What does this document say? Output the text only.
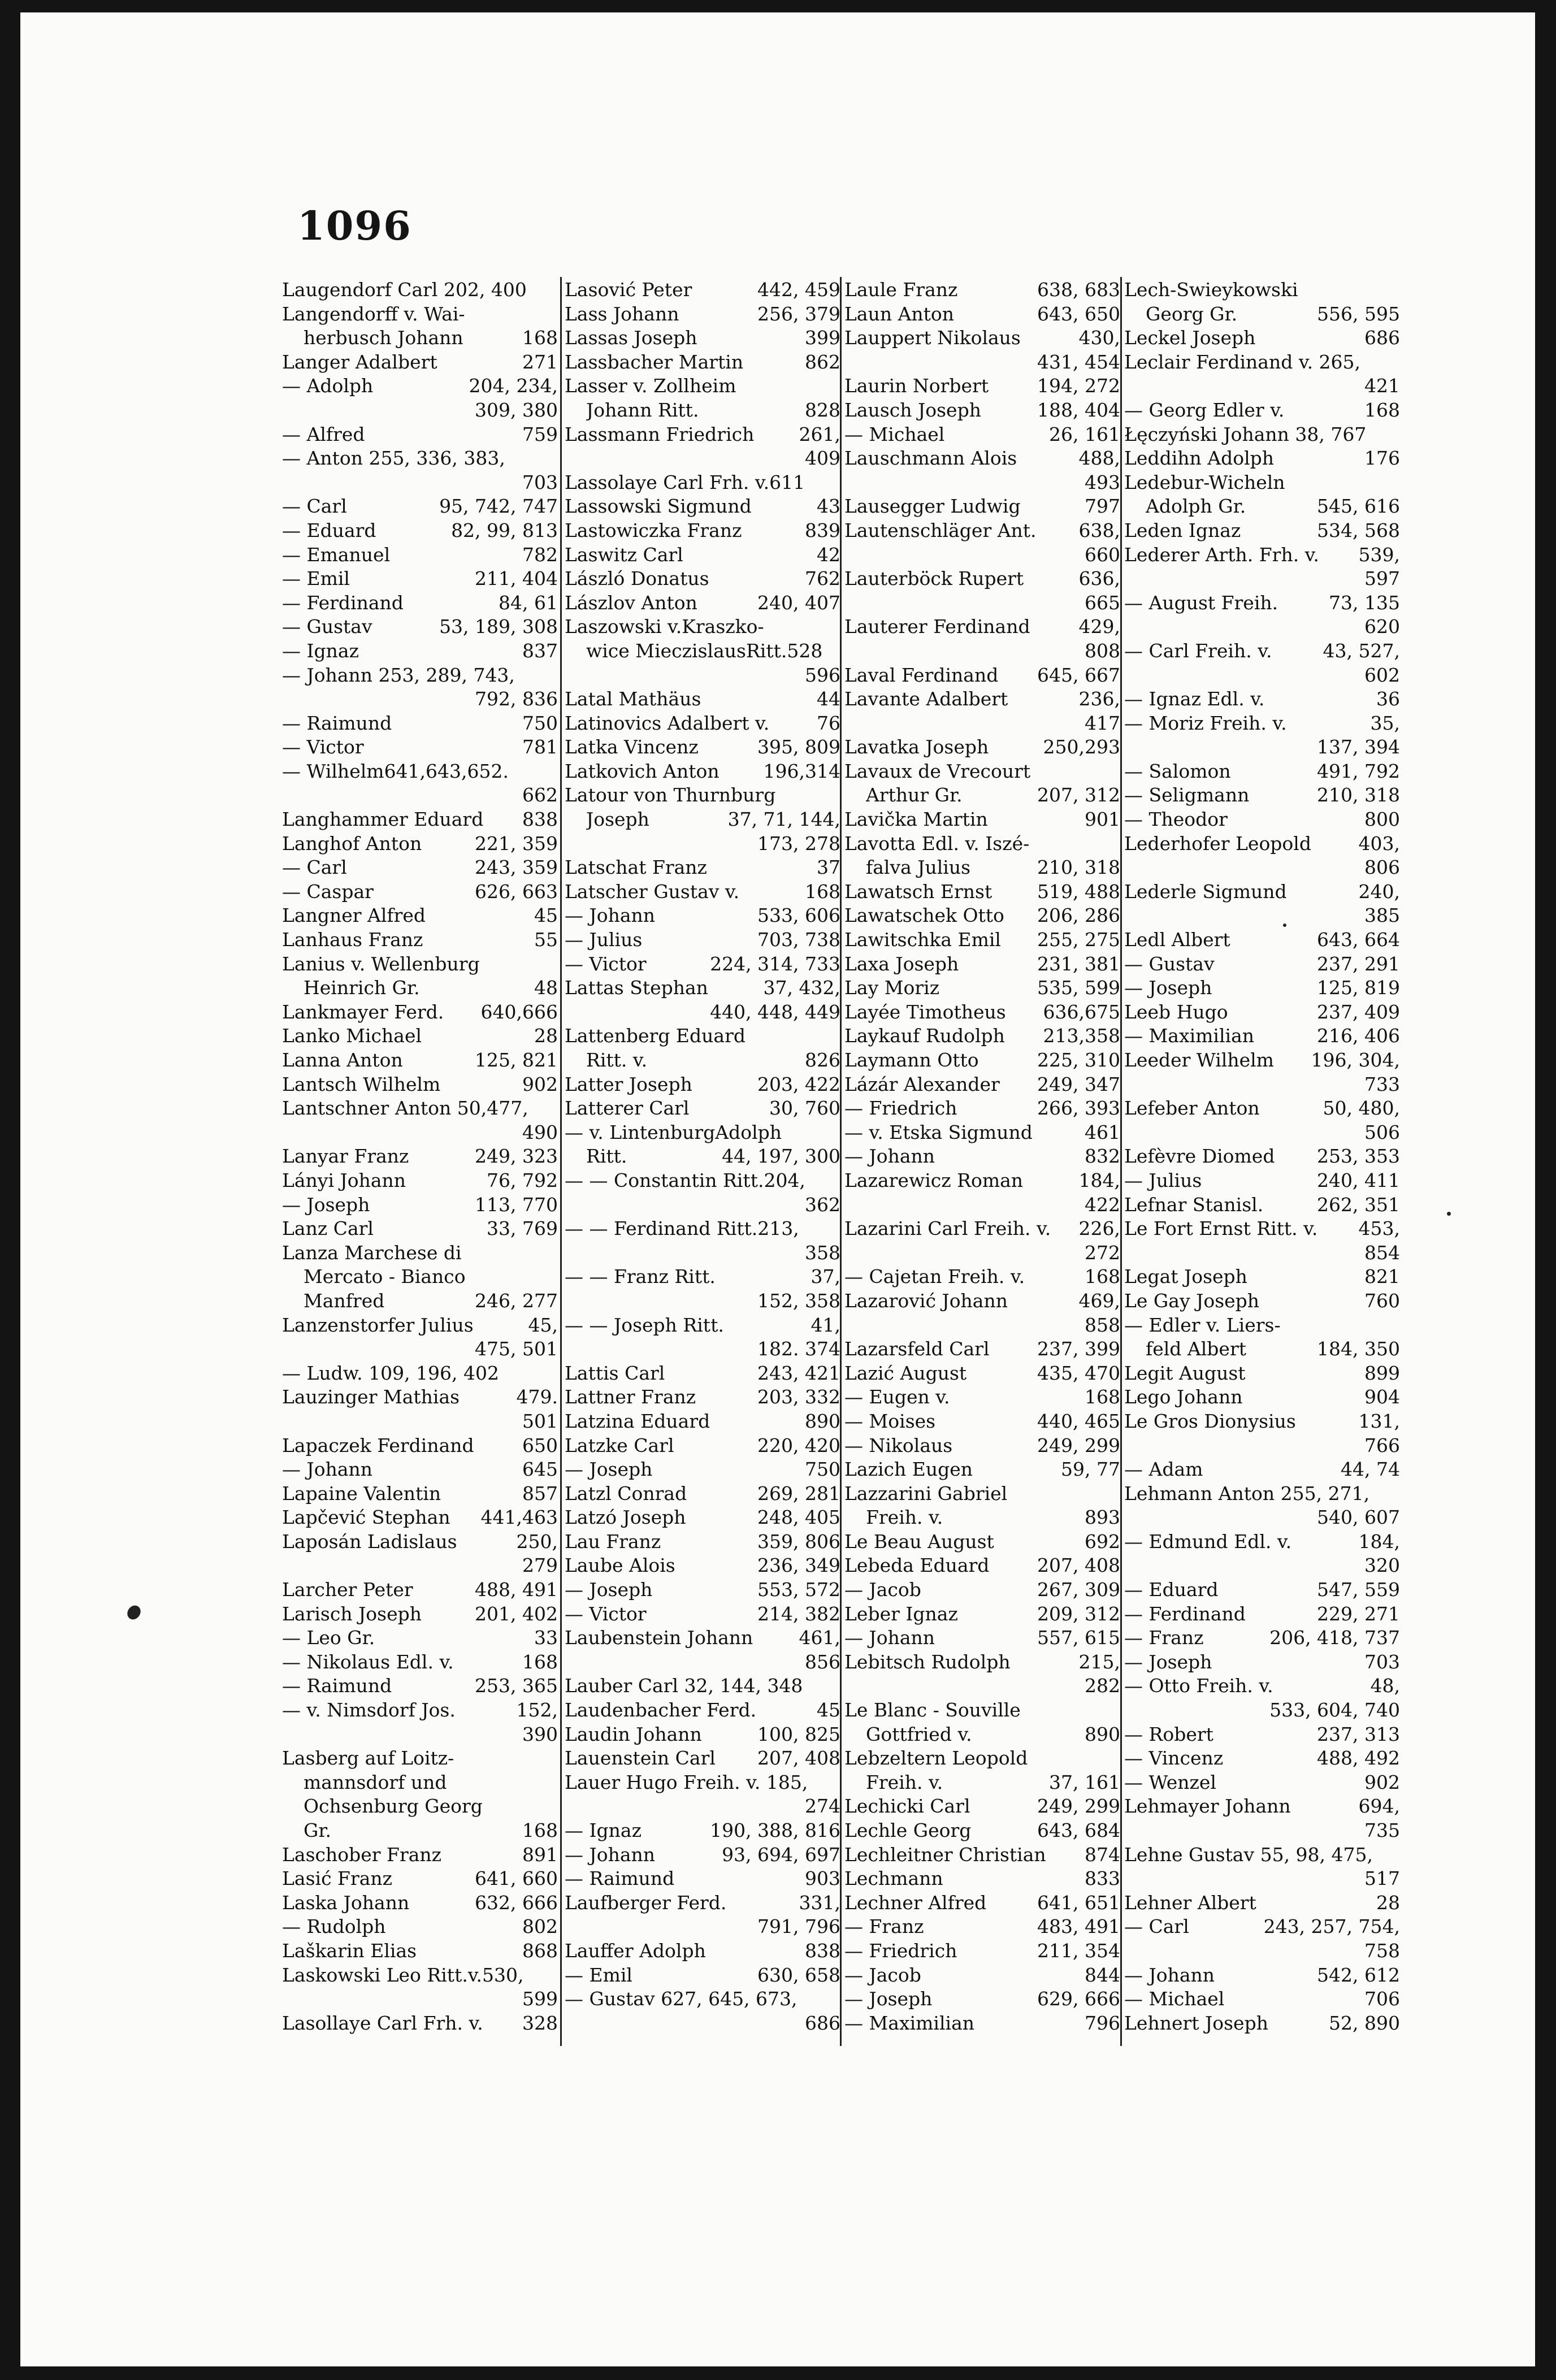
1096
Laugendorf Carl 202, 400
Langendorff v. Wai-
herbusch Johann	168
Langer Adalbert	271
— Adolph	204, 234,
309, 380
— Alfred	759
— Anton 255, 336, 383,
703
— Carl	95, 742, 747
— Eduard	82, 99, 813
— Emanuel	782
— Emil	211, 404
— Ferdinand	84, 61
— Gustav	53, 189, 308
— Ignaz	837
— Johann 253, 289, 743,
792, 836
— Raimund	750
— Victor	781
— Wilhelm641,643,652.
662
Langhammer Eduard	838
Langhof Anton	221, 359
— Carl	243, 359
— Caspar	626, 663
Langner Alfred	45
Lanhaus Franz	55
Lanius v. Wellenburg
Heinrich Gr.	48
Lankmayer Ferd.	640,666
Lanko Michael	28
Lanna Anton	125, 821
Lantsch Wilhelm	902
Lantschner Anton 50,477,
490
Lanyar Franz	249, 323
Lányi Johann	76, 792
— Joseph	113, 770
Lanz Carl	33, 769
Lanza Marchese di
Mercato - Bianco
Manfred	246, 277
Lanzenstorfer Julius	45,
475, 501
— Ludw. 109, 196, 402
Lauzinger Mathias	479.
501
Lapaczek Ferdinand	650
— Johann	645
Lapaine Valentin	857
Lapčević Stephan	441,463
Laposán Ladislaus	250,
279
Larcher Peter	488, 491
Larisch Joseph	201, 402
— Leo Gr.	33
— Nikolaus Edl. v.	168
— Raimund	253, 365
— v. Nimsdorf Jos.	152,
390
Lasberg auf Loitz-
mannsdorf und
Ochsenburg Georg
Gr.	168
Laschober Franz	891
Lasić Franz	641, 660
Laska Johann	632, 666
— Rudolph	802
Laškarin Elias	868
Laskowski Leo Ritt.v.530,
599
Lasollaye Carl Frh. v.	328
Lasović Peter	442, 459
Lass Johann	256, 379
Lassas Joseph	399
Lassbacher Martin	862
Lasser v. Zollheim
Johann Ritt.	828
Lassmann Friedrich	261,
409
Lassolaye Carl Frh. v.611
Lassowski Sigmund	43
Lastowiczka Franz	839
Laswitz Carl	42
László Donatus	762
Lászlov Anton	240, 407
Laszowski v.Kraszko-
wice MieczislausRitt.528
596
Latal Mathäus	44
Latinovics Adalbert v.	76
Latka Vincenz	395, 809
Latkovich Anton	196,314
Latour von Thurnburg
Joseph	37, 71, 144,
173, 278
Latschat Franz	37
Latscher Gustav v.	168
— Johann	533, 606
— Julius	703, 738
— Victor	224, 314, 733
Lattas Stephan	37, 432,
440, 448, 449
Lattenberg Eduard
Ritt. v.	826
Latter Joseph	203, 422
Latterer Carl	30, 760
— v. LintenburgAdolph
Ritt.	44, 197, 300
— — Constantin Ritt.204,
362
— — Ferdinand Ritt.213,
358
— — Franz Ritt.	37,
152, 358
— — Joseph Ritt.	41,
182. 374
Lattis Carl	243, 421
Lattner Franz	203, 332
Latzina Eduard	890
Latzke Carl	220, 420
— Joseph	750
Latzl Conrad	269, 281
Latzó Joseph	248, 405
Lau Franz	359, 806
Laube Alois	236, 349
— Joseph	553, 572
— Victor	214, 382
Laubenstein Johann	461,
856
Lauber Carl 32, 144, 348
Laudenbacher Ferd.	45
Laudin Johann	100, 825
Lauenstein Carl	207, 408
Lauer Hugo Freih. v. 185,
274
— Ignaz	190, 388, 816
— Johann	93, 694, 697
— Raimund	903
Laufberger Ferd.	331,
791, 796
Lauffer Adolph	838
— Emil	630, 658
— Gustav 627, 645, 673,
686
Laule Franz	638, 683
Laun Anton	643, 650
Lauppert Nikolaus	430,
431, 454
Laurin Norbert	194, 272
Lausch Joseph	188, 404
— Michael	26, 161
Lauschmann Alois	488,
493
Lausegger Ludwig	797
Lautenschläger Ant.	638,
660
Lauterböck Rupert	636,
665
Lauterer Ferdinand	429,
808
Laval Ferdinand	645, 667
Lavante Adalbert	236,
417
Lavatka Joseph	250,293
Lavaux de Vrecourt
Arthur Gr.	207, 312
Lavička Martin	901
Lavotta Edl. v. Iszé-
falva Julius	210, 318
Lawatsch Ernst	519, 488
Lawatschek Otto	206, 286
Lawitschka Emil	255, 275
Laxa Joseph	231, 381
Lay Moriz	535, 599
Layée Timotheus	636,675
Laykauf Rudolph	213,358
Laymann Otto	225, 310
Lázár Alexander	249, 347
— Friedrich	266, 393
— v. Etska Sigmund	461
— Johann	832
Lazarewicz Roman	184,
422
Lazarini Carl Freih. v.	226,
272
— Cajetan Freih. v.	168
Lazarović Johann	469,
858
Lazarsfeld Carl	237, 399
Lazić August	435, 470
— Eugen v.	168
— Moises	440, 465
— Nikolaus	249, 299
Lazich Eugen	59, 77
Lazzarini Gabriel
Freih. v.	893
Le Beau August	692
Lebeda Eduard	207, 408
— Jacob	267, 309
Leber Ignaz	209, 312
— Johann	557, 615
Lebitsch Rudolph	215,
282
Le Blanc - Souville
Gottfried v.	890
Lebzeltern Leopold
Freih. v.	37, 161
Lechicki Carl	249, 299
Lechle Georg	643, 684
Lechleitner Christian	874
Lechmann	833
Lechner Alfred	641, 651
— Franz	483, 491
— Friedrich	211, 354
— Jacob	844
— Joseph	629, 666
— Maximilian	796
Lech-Swieykowski
Georg Gr.	556, 595
Leckel Joseph	686
Leclair Ferdinand v. 265,
421
— Georg Edler v.	168
Łęczyński Johann 38, 767
Leddihn Adolph	176
Ledebur-Wicheln
Adolph Gr.	545, 616
Leden Ignaz	534, 568
Lederer Arth. Frh. v.	539,
597
— August Freih.	73, 135
620
— Carl Freih. v.	43, 527,
602
— Ignaz Edl. v.	36
— Moriz Freih. v.	35,
137, 394
— Salomon	491, 792
— Seligmann	210, 318
— Theodor	800
Lederhofer Leopold	403,
806
Lederle Sigmund	240,
385
Ledl Albert	643, 664
— Gustav	237, 291
— Joseph	125, 819
Leeb Hugo	237, 409
— Maximilian	216, 406
Leeder Wilhelm	196, 304,
733
Lefeber Anton	50, 480,
506
Lefèvre Diomed	253, 353
— Julius	240, 411
Lefnar Stanisl.	262, 351
Le Fort Ernst Ritt. v.	453,
854
Legat Joseph	821
Le Gay Joseph	760
— Edler v. Liers-
feld Albert	184, 350
Legit August	899
Lego Johann	904
Le Gros Dionysius	131,
766
— Adam	44, 74
Lehmann Anton 255, 271,
540, 607
— Edmund Edl. v.	184,
320
— Eduard	547, 559
— Ferdinand	229, 271
— Franz	206, 418, 737
— Joseph	703
— Otto Freih. v.	48,
533, 604, 740
— Robert	237, 313
— Vincenz	488, 492
— Wenzel	902
Lehmayer Johann	694,
735
Lehne Gustav 55, 98, 475,
517
Lehner Albert	28
— Carl	243, 257, 754,
758
— Johann	542, 612
— Michael	706
Lehnert Joseph	52, 890
